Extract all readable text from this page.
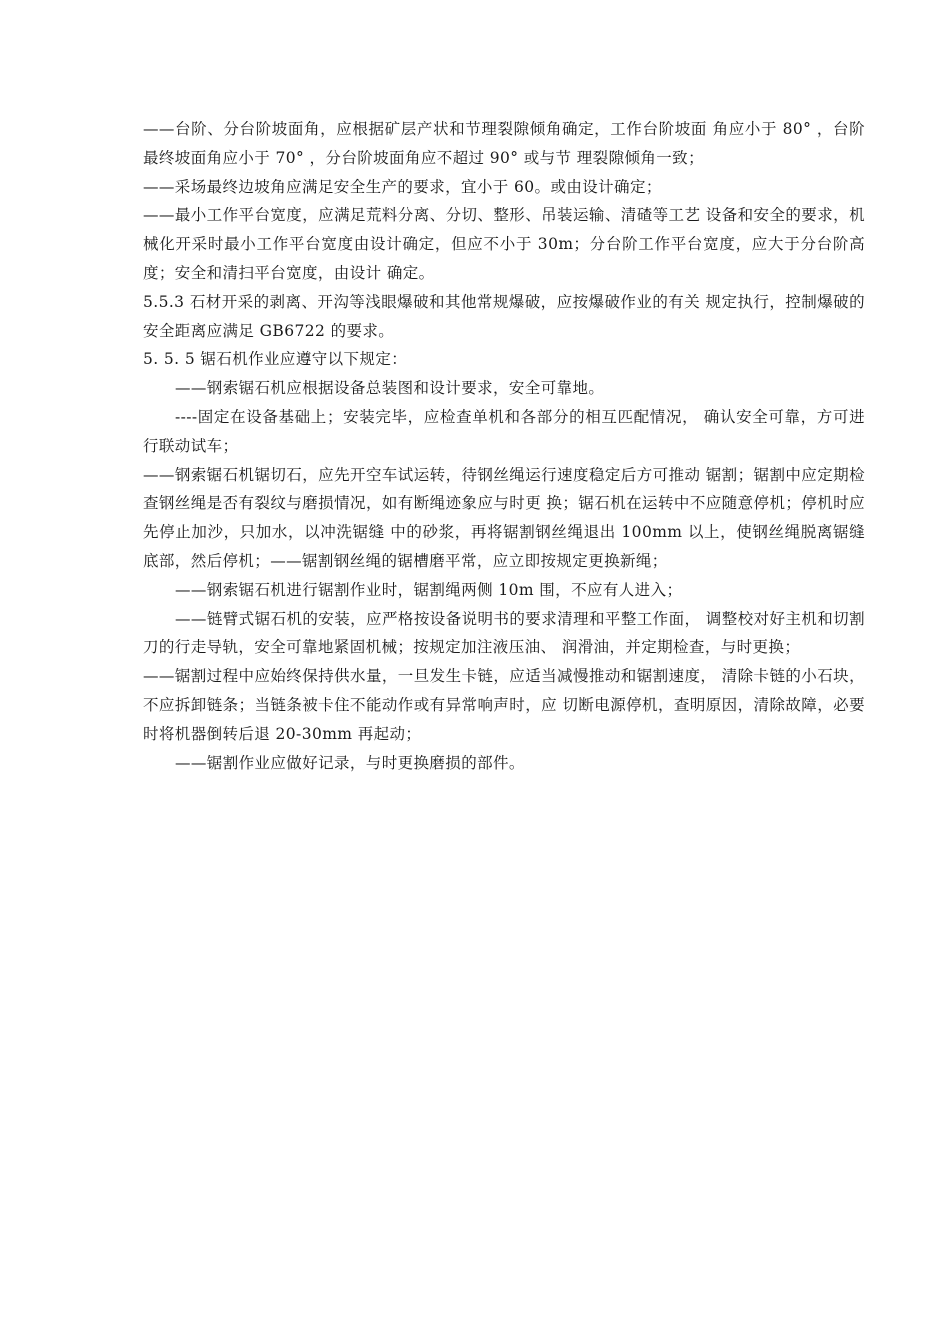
——台阶、分台阶坡面角，应根据矿层产状和节理裂隙倾角确定，工作台阶坡面 角应小于 80° ，台阶最终坡面角应小于 70° ，分台阶坡面角应不超过 90° 或与节 理裂隙倾角一致；

——采场最终边坡角应满足安全生产的要求，宜小于 60。或由设计确定；

——最小工作平台宽度，应满足荒料分离、分切、整形、吊装运输、清碴等工艺 设备和安全的要求，机械化开采时最小工作平台宽度由设计确定，但应不小于 30m；分台阶工作平台宽度，应大于分台阶高度；安全和清扫平台宽度，由设计 确定。

5.5.3 石材开采的剥离、开沟等浅眼爆破和其他常规爆破，应按爆破作业的有关 规定执行，控制爆破的安全距离应满足 GB6722 的要求。

5. 5. 5 锯石机作业应遵守以下规定：

——钢索锯石机应根据设备总装图和设计要求，安全可靠地。

----固定在设备基础上；安装完毕，应检查单机和各部分的相互匹配情况， 确认安全可靠，方可进行联动试车；

——钢索锯石机锯切石，应先开空车试运转，待钢丝绳运行速度稳定后方可推动 锯割；锯割中应定期检查钢丝绳是否有裂纹与磨损情况，如有断绳迹象应与时更 换；锯石机在运转中不应随意停机；停机时应先停止加沙，只加水，以冲洗锯缝 中的砂浆，再将锯割钢丝绳退出 100mm 以上，使钢丝绳脱离锯缝底部，然后停机；——锯割钢丝绳的锯槽磨平常，应立即按规定更换新绳；

——钢索锯石机进行锯割作业时，锯割绳两侧 10m 围，不应有人进入；

——链臂式锯石机的安装，应严格按设备说明书的要求清理和平整工作面， 调整校对好主机和切割刀的行走导轨，安全可靠地紧固机械；按规定加注液压油、 润滑油，并定期检查，与时更换；

——锯割过程中应始终保持供水量，一旦发生卡链，应适当减慢推动和锯割速度， 清除卡链的小石块，不应拆卸链条；当链条被卡住不能动作或有异常响声时，应 切断电源停机，查明原因，清除故障，必要时将机器倒转后退 20-30mm 再起动；

——锯割作业应做好记录，与时更换磨损的部件。
